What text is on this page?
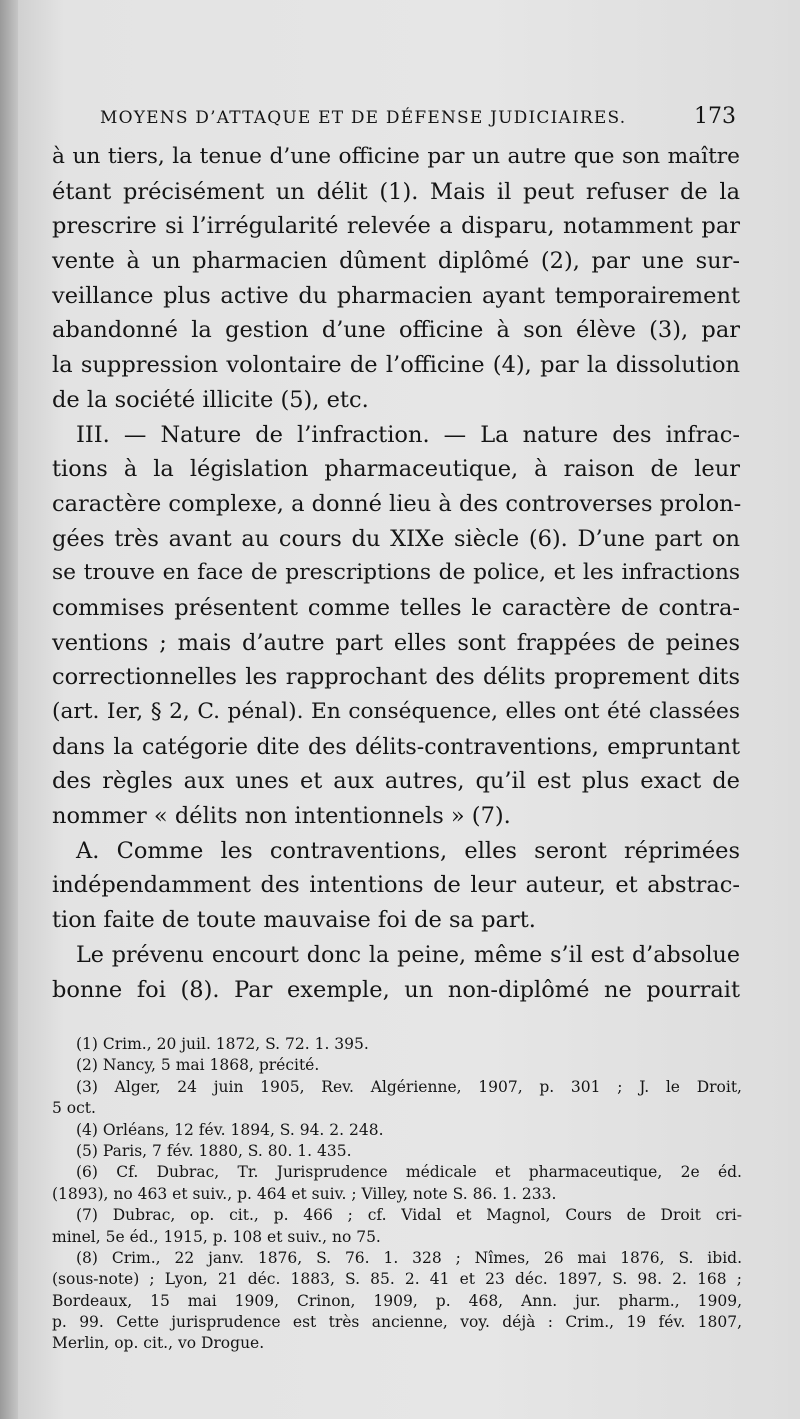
MOYENS D’ATTAQUE ET DE DÉFENSE JUDICIAIRES.	173
à un tiers, la tenue d’une officine par un autre que son maître
étant précisément un délit (1). Mais il peut refuser de la
prescrire si l’irrégularité relevée a disparu, notamment par
vente à un pharmacien dûment diplômé (2), par une sur-
veillance plus active du pharmacien ayant temporairement
abandonné la gestion d’une officine à son élève (3), par
la suppression volontaire de l’officine (4), par la dissolution
de la société illicite (5), etc.
III. — Nature de l’infraction. — La nature des infrac-
tions à la législation pharmaceutique, à raison de leur
caractère complexe, a donné lieu à des controverses prolon-
gées très avant au cours du XIXe siècle (6). D’une part on
se trouve en face de prescriptions de police, et les infractions
commises présentent comme telles le caractère de contra-
ventions ; mais d’autre part elles sont frappées de peines
correctionnelles les rapprochant des délits proprement dits
(art. Ier, § 2, C. pénal). En conséquence, elles ont été classées
dans la catégorie dite des délits-contraventions, empruntant
des règles aux unes et aux autres, qu’il est plus exact de
nommer « délits non intentionnels » (7).
A. Comme les contraventions, elles seront réprimées
indépendamment des intentions de leur auteur, et abstrac-
tion faite de toute mauvaise foi de sa part.
Le prévenu encourt donc la peine, même s’il est d’absolue
bonne foi (8). Par exemple, un non-diplômé ne pourrait
(1) Crim., 20 juil. 1872, S. 72. 1. 395.
(2) Nancy, 5 mai 1868, précité.
(3) Alger, 24 juin 1905, Rev. Algérienne, 1907, p. 301 ; J. le Droit,
5 oct.
(4) Orléans, 12 fév. 1894, S. 94. 2. 248.
(5) Paris, 7 fév. 1880, S. 80. 1. 435.
(6) Cf. Dubrac, Tr. Jurisprudence médicale et pharmaceutique, 2e éd.
(1893), no 463 et suiv., p. 464 et suiv. ; Villey, note S. 86. 1. 233.
(7) Dubrac, op. cit., p. 466 ; cf. Vidal et Magnol, Cours de Droit cri-
minel, 5e éd., 1915, p. 108 et suiv., no 75.
(8) Crim., 22 janv. 1876, S. 76. 1. 328 ; Nîmes, 26 mai 1876, S. ibid.
(sous-note) ; Lyon, 21 déc. 1883, S. 85. 2. 41 et 23 déc. 1897, S. 98. 2. 168 ;
Bordeaux, 15 mai 1909, Crinon, 1909, p. 468, Ann. jur. pharm., 1909,
p. 99. Cette jurisprudence est très ancienne, voy. déjà : Crim., 19 fév. 1807,
Merlin, op. cit., vo Drogue.
